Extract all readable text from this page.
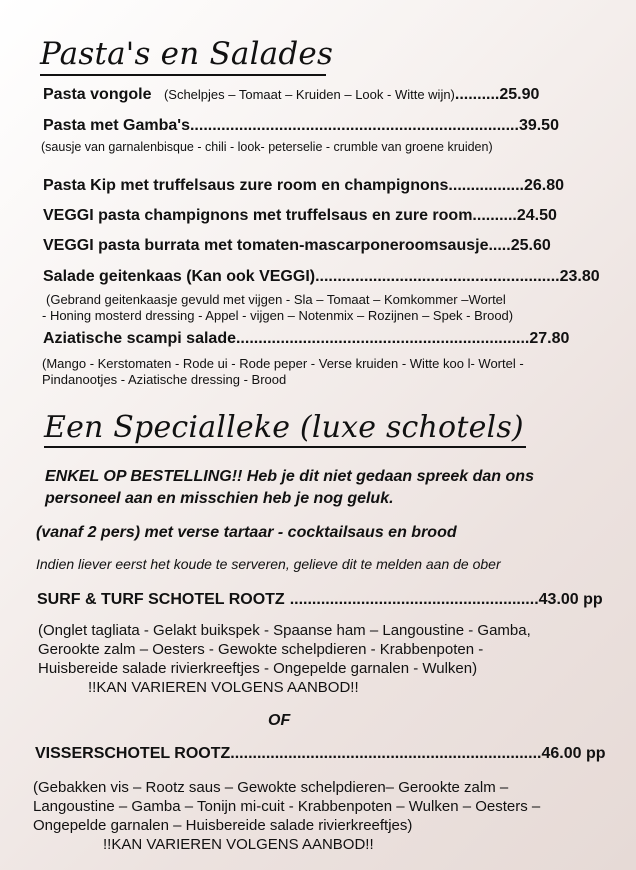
Pasta's en Salades
Pasta vongole (Schelpjes – Tomaat – Kruiden – Look - Witte wijn)..........25.90
Pasta met Gamba's..........................................................................39.50
(sausje van garnalenbisque - chili - look- peterselie - crumble van groene kruiden)
Pasta Kip met truffelsaus zure room en champignons.................26.80
VEGGI pasta champignons met truffelsaus en zure room..........24.50
VEGGI pasta burrata met tomaten-mascarponeroomsausje.....25.60
Salade geitenkaas (Kan ook VEGGI).......................................................23.80
(Gebrand geitenkaasje gevuld met vijgen - Sla – Tomaat – Komkommer –Wortel
- Honing mosterd dressing - Appel - vijgen – Notenmix – Rozijnen – Spek - Brood)
Aziatische scampi salade..................................................................27.80
(Mango - Kerstomaten - Rode ui - Rode peper - Verse kruiden - Witte koo l- Wortel -
Pindanootjes - Aziatische dressing - Brood
Een Specialleke (luxe schotels)
ENKEL OP BESTELLING!! Heb je dit niet gedaan spreek dan ons
personeel aan en misschien heb je nog geluk.
(vanaf 2 pers) met verse tartaar - cocktailsaus en brood
Indien liever eerst het koude te serveren, gelieve dit te melden aan de ober
SURF & TURF SCHOTEL ROOTZ ........................................................43.00 pp
(Onglet tagliata - Gelakt buikspek - Spaanse ham – Langoustine - Gamba,
Gerookte zalm – Oesters - Gewokte schelpdieren - Krabbenpoten -
Huisbereide salade rivierkreeftjes - Ongepelde garnalen - Wulken)
!!KAN VARIEREN VOLGENS AANBOD!!
OF
VISSERSCHOTEL ROOTZ......................................................................46.00 pp
(Gebakken vis – Rootz saus – Gewokte schelpdieren– Gerookte zalm –
Langoustine – Gamba – Tonijn mi-cuit - Krabbenpoten – Wulken – Oesters –
Ongepelde garnalen – Huisbereide salade rivierkreeftjes)
!!KAN VARIEREN VOLGENS AANBOD!!
